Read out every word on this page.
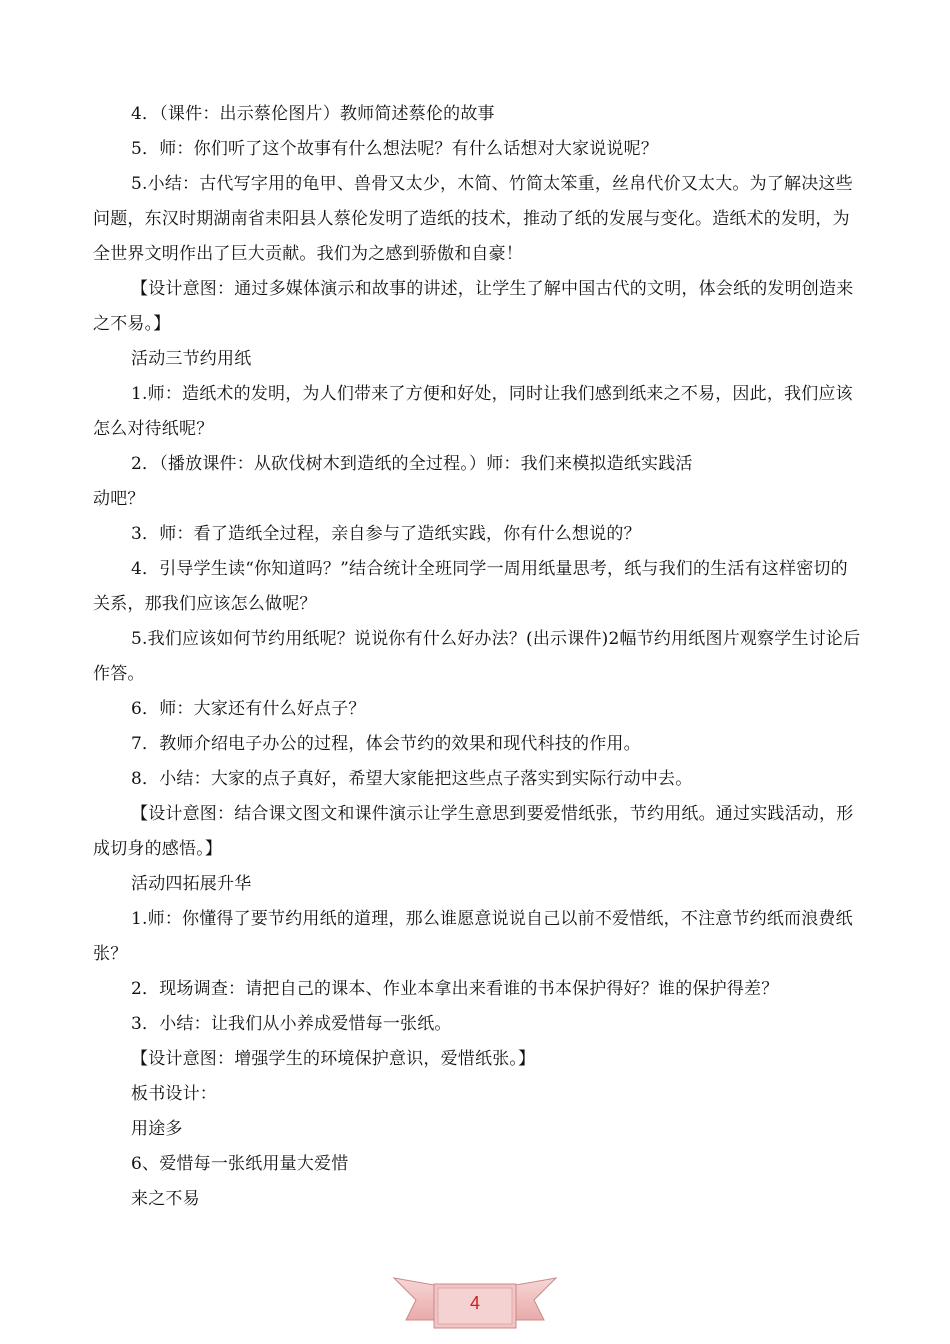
4．（课件：出示蔡伦图片）教师简述蔡伦的故事

5．师：你们听了这个故事有什么想法呢？有什么话想对大家说说呢？

5.小结：古代写字用的龟甲、兽骨又太少，木简、竹简太笨重，丝帛代价又太大。为了解决这些问题，东汉时期湖南省耒阳县人蔡伦发明了造纸的技术，推动了纸的发展与变化。造纸术的发明，为全世界文明作出了巨大贡献。我们为之感到骄傲和自豪！

【设计意图：通过多媒体演示和故事的讲述，让学生了解中国古代的文明，体会纸的发明创造来之不易。】

活动三节约用纸

1.师：造纸术的发明，为人们带来了方便和好处，同时让我们感到纸来之不易，因此，我们应该怎么对待纸呢？

2．（播放课件：从砍伐树木到造纸的全过程。）师：我们来模拟造纸实践活

动吧？

3．师：看了造纸全过程，亲自参与了造纸实践，你有什么想说的？

4．引导学生读“你知道吗？”结合统计全班同学一周用纸量思考，纸与我们的生活有这样密切的关系，那我们应该怎么做呢？

5.我们应该如何节约用纸呢？说说你有什么好办法？(出示课件)2幅节约用纸图片观察学生讨论后作答。

6．师：大家还有什么好点子？

7．教师介绍电子办公的过程，体会节约的效果和现代科技的作用。

8．小结：大家的点子真好，希望大家能把这些点子落实到实际行动中去。

【设计意图：结合课文图文和课件演示让学生意思到要爱惜纸张，节约用纸。通过实践活动，形成切身的感悟。】

活动四拓展升华

1.师：你懂得了要节约用纸的道理，那么谁愿意说说自己以前不爱惜纸，不注意节约纸而浪费纸张？

2．现场调查：请把自己的课本、作业本拿出来看谁的书本保护得好？谁的保护得差？

3．小结：让我们从小养成爱惜每一张纸。

【设计意图：增强学生的环境保护意识，爱惜纸张。】

板书设计：

用途多

6、爱惜每一张纸用量大爱惜

来之不易

4
